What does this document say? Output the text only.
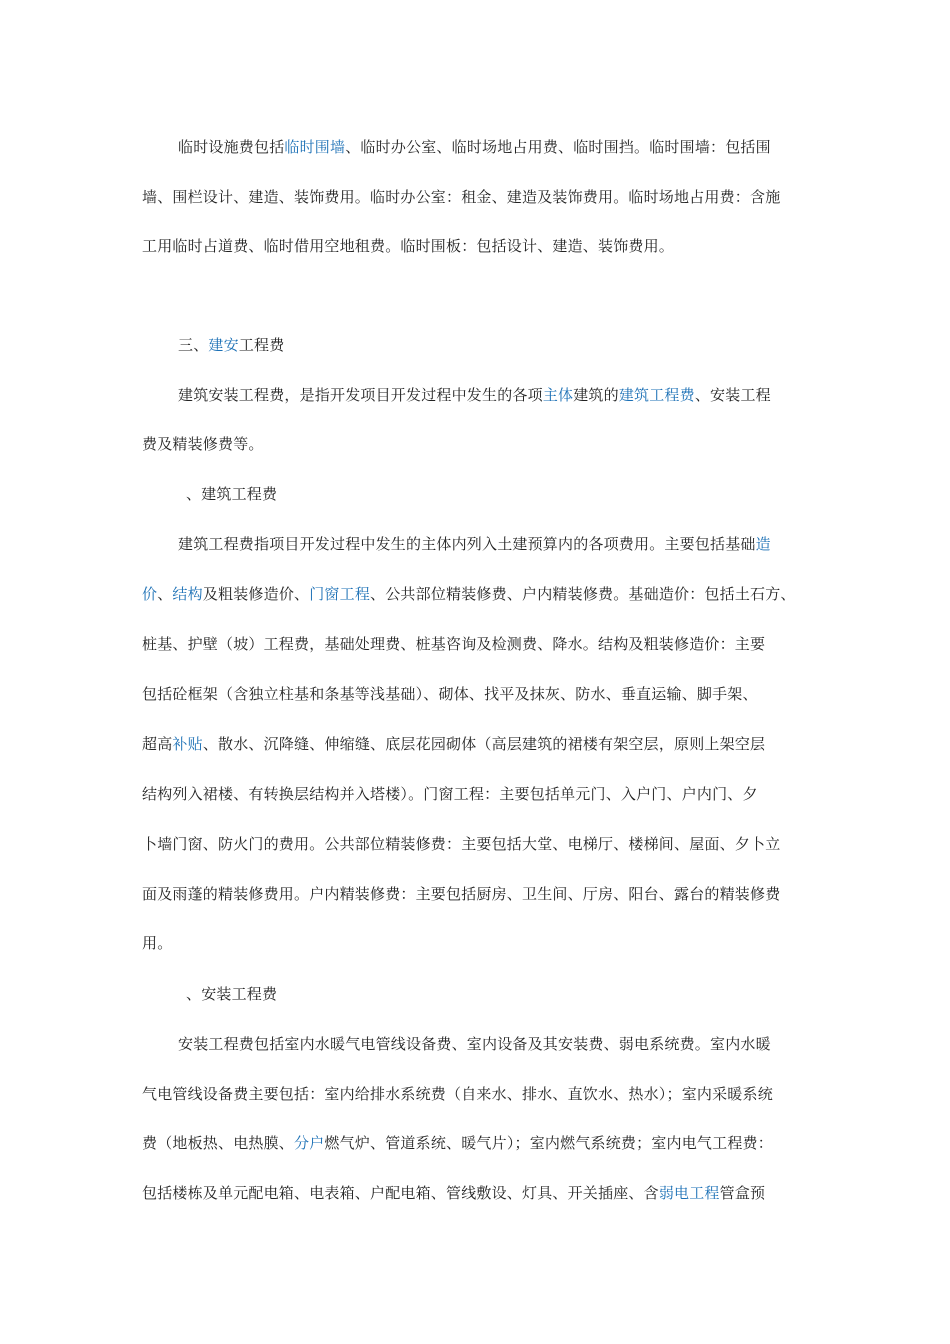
临时设施费包括临时围墙、临时办公室、临时场地占用费、临时围挡。临时围墙：包括围
墙、围栏设计、建造、装饰费用。临时办公室：租金、建造及装饰费用。临时场地占用费：含施
工用临时占道费、临时借用空地租费。临时围板：包括设计、建造、装饰费用。
三、建安工程费
建筑安装工程费，是指开发项目开发过程中发生的各项主体建筑的建筑工程费、安装工程
费及精装修费等。
、建筑工程费
建筑工程费指项目开发过程中发生的主体内列入土建预算内的各项费用。主要包括基础造
价、结构及粗装修造价、门窗工程、公共部位精装修费、户内精装修费。基础造价：包括土石方、
桩基、护壁（坡）工程费，基础处理费、桩基咨询及检测费、降水。结构及粗装修造价：主要
包括砼框架（含独立柱基和条基等浅基础）、砌体、找平及抹灰、防水、垂直运输、脚手架、
超高补贴、散水、沉降缝、伸缩缝、底层花园砌体（高层建筑的裙楼有架空层，原则上架空层
结构列入裙楼、有转换层结构并入塔楼）。门窗工程：主要包括单元门、入户门、户内门、夕
卜墙门窗、防火门的费用。公共部位精装修费：主要包括大堂、电梯厅、楼梯间、屋面、夕卜立
面及雨蓬的精装修费用。户内精装修费：主要包括厨房、卫生间、厅房、阳台、露台的精装修费
用。
、安装工程费
安装工程费包括室内水暖气电管线设备费、室内设备及其安装费、弱电系统费。室内水暖
气电管线设备费主要包括：室内给排水系统费（自来水、排水、直饮水、热水）；室内采暖系统
费（地板热、电热膜、分户燃气炉、管道系统、暖气片）；室内燃气系统费；室内电气工程费：
包括楼栋及单元配电箱、电表箱、户配电箱、管线敷设、灯具、开关插座、含弱电工程管盒预
